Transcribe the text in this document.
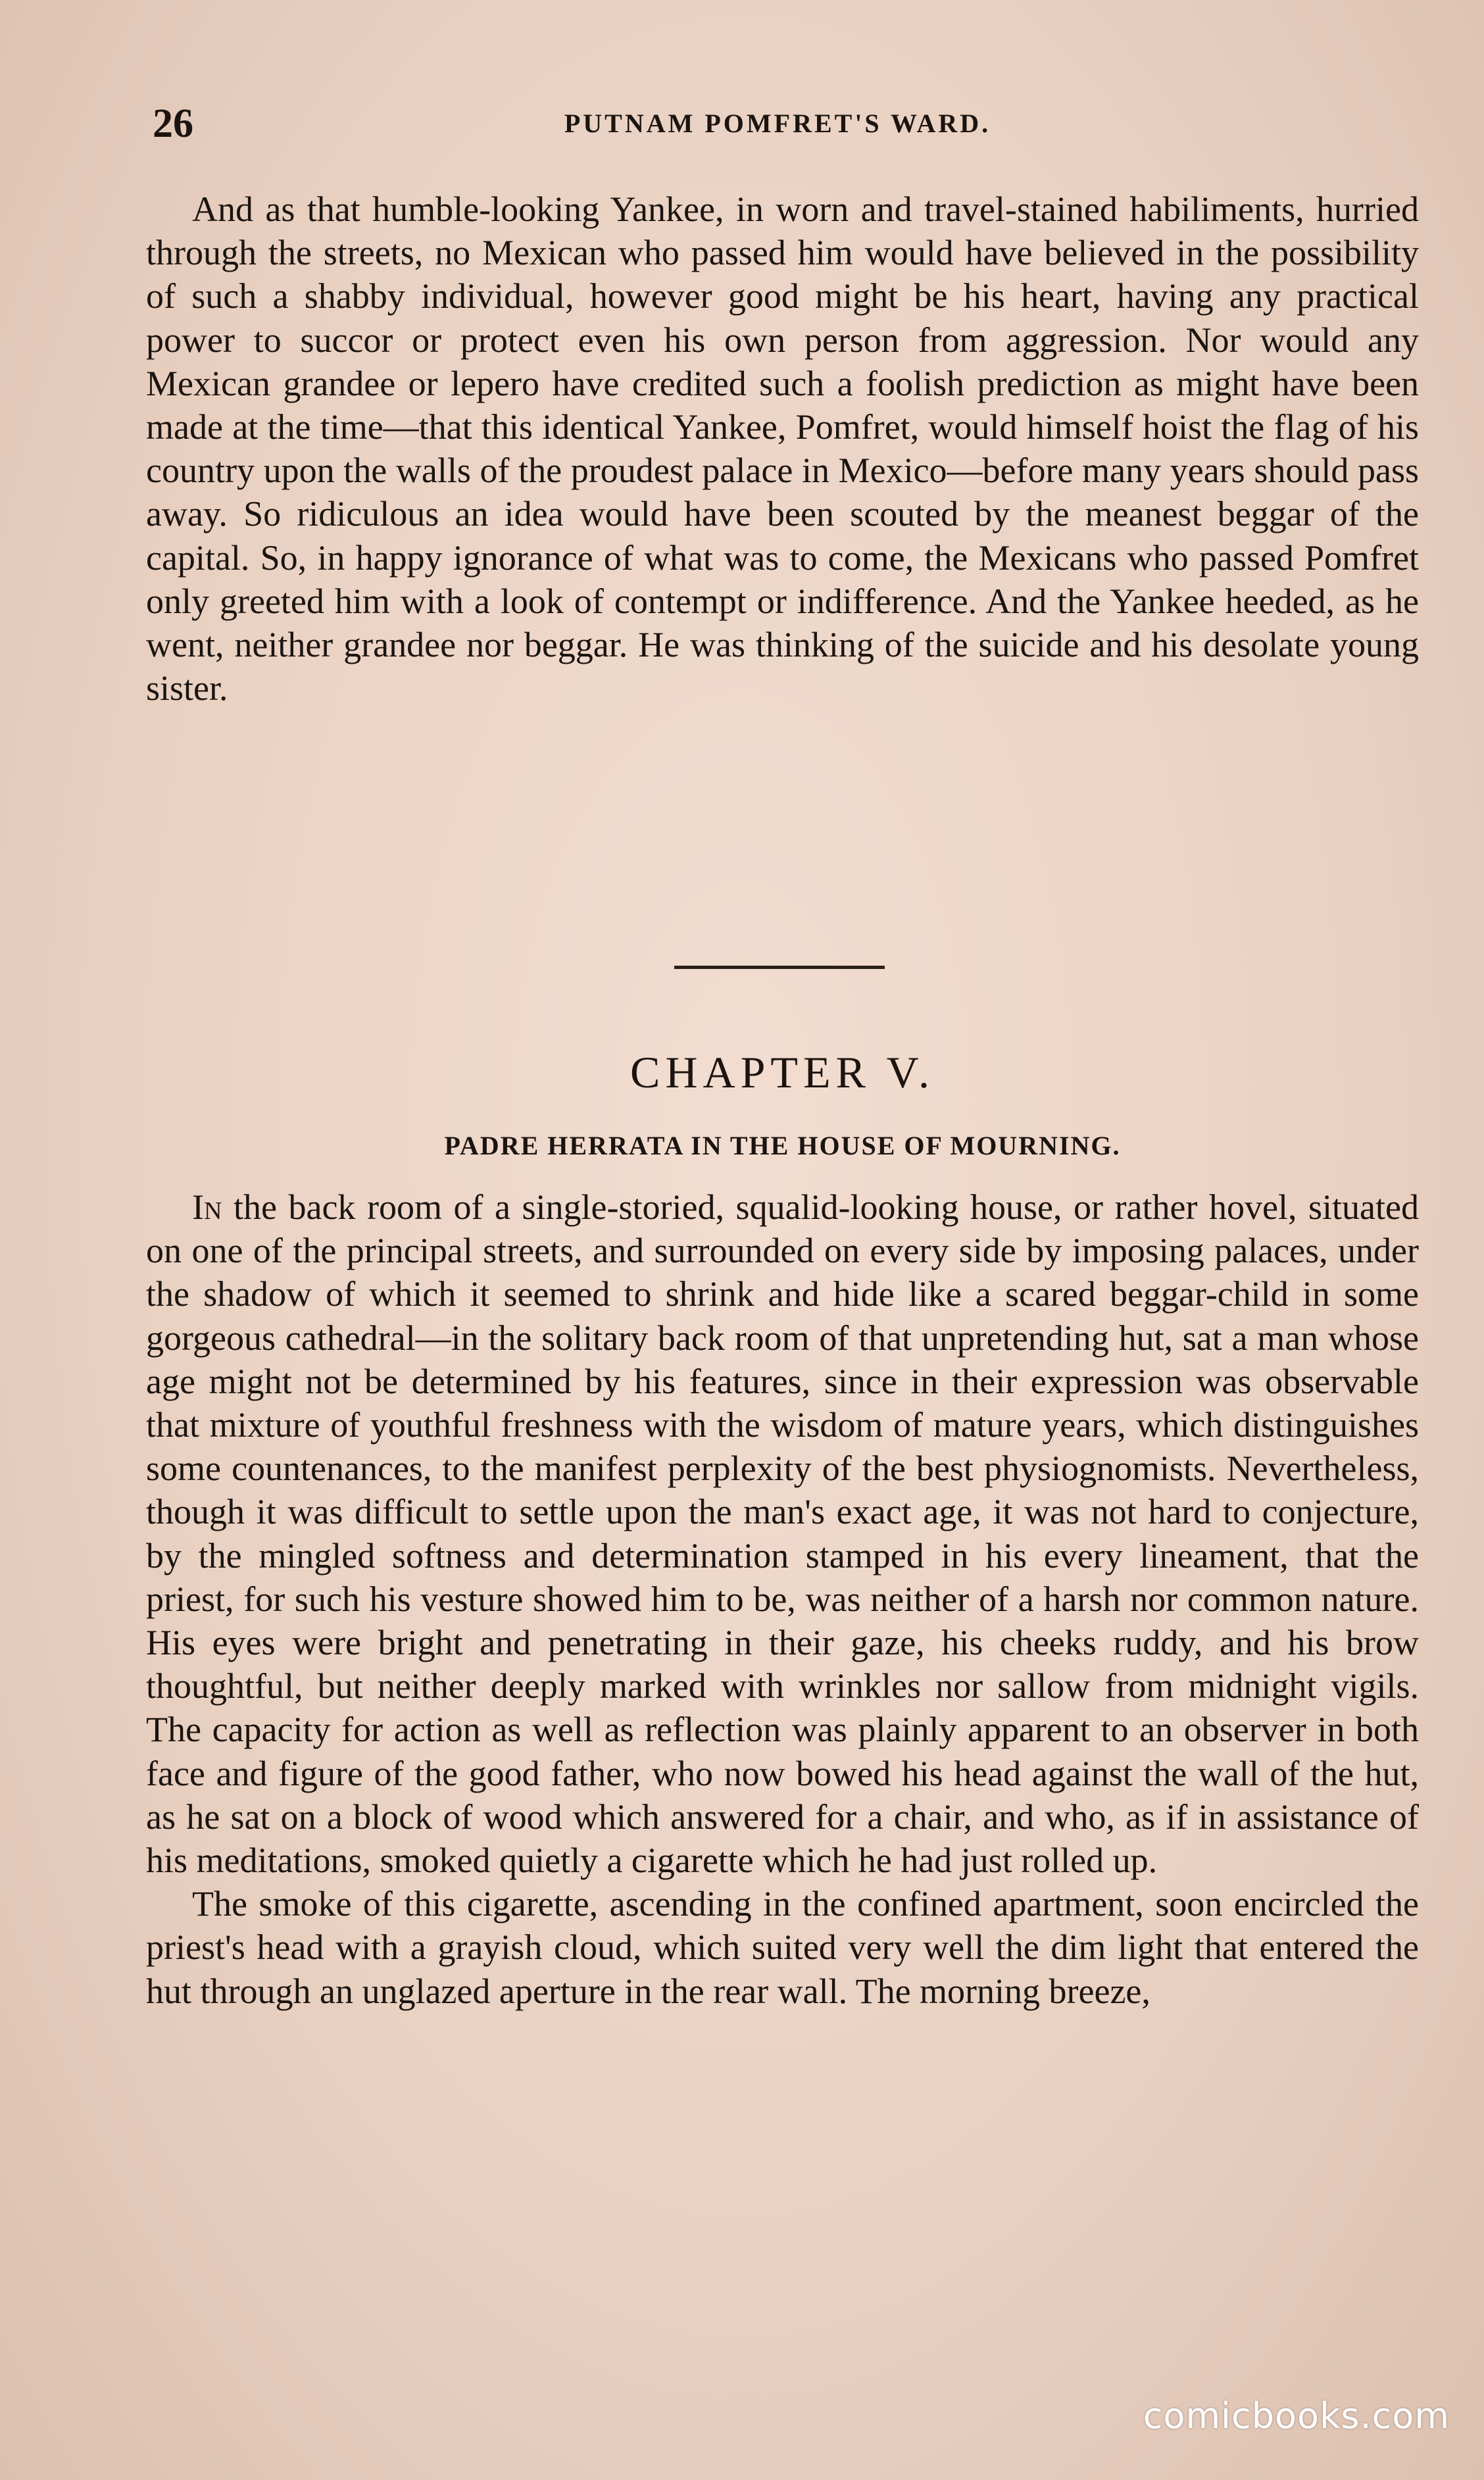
26	PUTNAM POMFRET'S WARD.

And as that humble-looking Yankee, in worn and travel-stained habiliments, hurried through the streets, no Mexican who passed him would have believed in the possibility of such a shabby individual, however good might be his heart, having any practical power to succor or protect even his own person from aggression. Nor would any Mexican grandee or lepero have credited such a foolish prediction as might have been made at the time—that this identical Yankee, Pomfret, would himself hoist the flag of his country upon the walls of the proudest palace in Mexico—before many years should pass away. So ridiculous an idea would have been scouted by the meanest beggar of the capital. So, in happy ignorance of what was to come, the Mexicans who passed Pomfret only greeted him with a look of contempt or indifference. And the Yankee heeded, as he went, neither grandee nor beggar. He was thinking of the suicide and his desolate young sister.

CHAPTER V.
PADRE HERRATA IN THE HOUSE OF MOURNING.

In the back room of a single-storied, squalid-looking house, or rather hovel, situated on one of the principal streets, and surrounded on every side by imposing palaces, under the shadow of which it seemed to shrink and hide like a scared beggar-child in some gorgeous cathedral—in the solitary back room of that unpretending hut, sat a man whose age might not be determined by his features, since in their expression was observable that mixture of youthful freshness with the wisdom of mature years, which distinguishes some countenances, to the manifest perplexity of the best physiognomists. Nevertheless, though it was difficult to settle upon the man's exact age, it was not hard to conjecture, by the mingled softness and determination stamped in his every lineament, that the priest, for such his vesture showed him to be, was neither of a harsh nor common nature. His eyes were bright and penetrating in their gaze, his cheeks ruddy, and his brow thoughtful, but neither deeply marked with wrinkles nor sallow from midnight vigils. The capacity for action as well as reflection was plainly apparent to an observer in both face and figure of the good father, who now bowed his head against the wall of the hut, as he sat on a block of wood which answered for a chair, and who, as if in assistance of his meditations, smoked quietly a cigarette which he had just rolled up.

The smoke of this cigarette, ascending in the confined apartment, soon encircled the priest's head with a grayish cloud, which suited very well the dim light that entered the hut through an unglazed aperture in the rear wall. The morning breeze,

comicbooks.com
